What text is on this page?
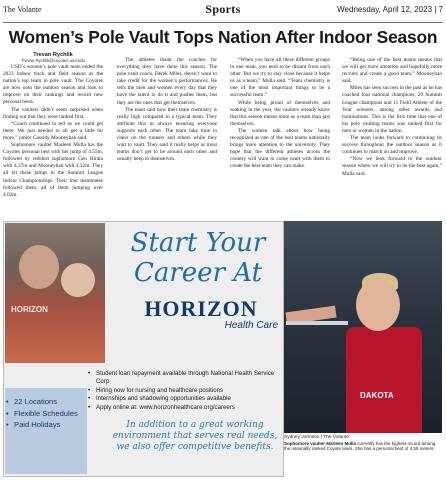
The Volante	Sports	Wednesday, April 12, 2023 | 7
Women’s Pole Vault Tops Nation After Indoor Season
Trevan Rychlik
Trevan.Rychlik@coyotes.usd.edu

USD’s women’s pole vault team ended the 2023 indoor track and field season as the nation’s top team in pole vault. The Coyotes are now onto the outdoor season and look to improve on their rankings and record new personal bests.

The vaulters didn’t seem surprised when finding out that they were ranked first.

“Coach continued to tell us we could get there. We just needed to all get a little bit more,” junior Cassidy Mooneyhan said.

Sophomore vaulter Marleen Mulla has the Coyotes personal best with her jump of 4.55m, followed by redshirt sophomore Gen Hirata with 4.37m and Mooneyhan with 4.32m. They all hit these jumps in the Summit League Indoor Championships. Their four teammates followed them, all of them jumping over 4.02m.

The athletes thank the coaches for everything they have done this season. The pole vault coach, Derek Miles, doesn’t want to take credit for the women’s performances. He tells the men and women every day that they have the talent to do it and pushes them, but they are the ones that get themselves.

The team said how their team chemistry is really high compared to a typical team. They attribute this to always ensuring everyone supports each other. The team take time to cheer on the runners and others while they wait to vault. They said it really helps as most teams don’t get to be around each other and usually keep to themselves.

“When you have all these different groups in one team, you tend to be distant from each other. But we try to stay close because it helps us as a team,” Mulla said. “Team chemistry is one of the most important things to be a successful team.”

While being proud of themselves and soaking in the year, the vaulters already know that this season means more as a team than just themselves.

The women talk about how being recognized as one of the best teams nationally brings more attention to the university. They hope that the different athletes across the country will want to come vault with them to create the best team they can make.

“Being one of the best teams means that we will get more attention and hopefully more recruits and create a good team,” Mooneyhan said.

Miles has seen success in the past as he has coached four national champions, 29 Summit League champions and 11 Field Athlete of the Year winners, among other awards and nominations. This is the first time that one of his pole vaulting teams was ranked first for men or women in the nation.

The team looks forward to continuing its success throughout the outdoor season as it continues to march on and improve.

“Now we look forward to the outdoor season where we will try to be the best again,” Mulla said.

HORIZON
Start Your
Career At
HORIZON
Health Care
• Student loan repayment available through National Health Service Corp
• Hiring now for nursing and healthcare positions
• Internships and shadowing opportunities available
• Apply online at: www.horizonhealthcare.org/careers
• 22 Locations
• Flexible Schedules
• Paid Holidays	In addition to a great working environment that serves real needs, we also offer competitive benefits.
DAKOTA
Sydney Johnson | The Volante
Sophomore vaulter Marleen Mulla currently has the highest record among the nationally ranked Coyote team. She has a personal best of 4.55 meters.
